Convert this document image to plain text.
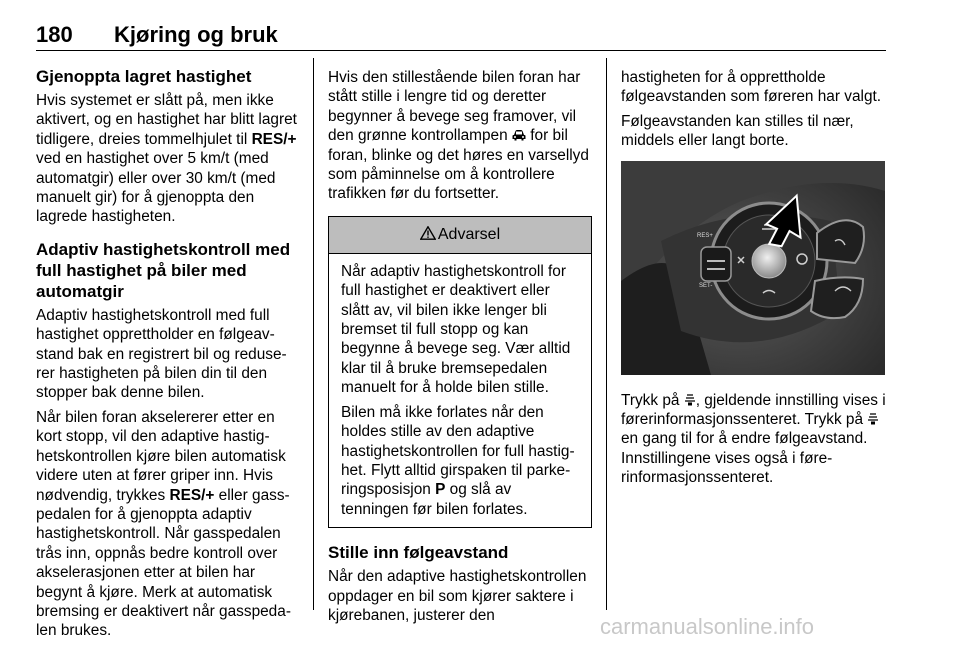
180 Kjøring og bruk
Gjenoppta lagret hastighet

Hvis systemet er slått på, men ikke aktivert, og en hastighet har blitt lagret tidligere, dreies tommelhjulet til RES/+ ved en hastighet over 5 km/t (med automatgir) eller over 30 km/t (med manuelt gir) for å gjenoppta den lagrede hastigheten.

Adaptiv hastighetskontroll med full hastighet på biler med automatgir

Adaptiv hastighetskontroll med full hastighet opprettholder en følgeavstand bak en registrert bil og reduserer hastigheten på bilen din til den stopper bak denne bilen.

Når bilen foran akselererer etter en kort stopp, vil den adaptive hastighetskontrollen kjøre bilen automatisk videre uten at fører griper inn. Hvis nødvendig, trykkes RES/+ eller gasspedalen for å gjenoppta adaptiv hastighetskontroll. Når gasspedalen trås inn, oppnås bedre kontroll over akselerasjonen etter at bilen har begynt å kjøre. Merk at automatisk bremsing er deaktivert når gasspedalen brukes.

Hvis den stillestående bilen foran har stått stille i lengre tid og deretter begynner å bevege seg framover, vil den grønne kontrollampen  for bil foran, blinke og det høres en varsellyd som påminnelse om å kontrollere trafikken før du fortsetter.

Advarsel

Når adaptiv hastighetskontroll for full hastighet er deaktivert eller slått av, vil bilen ikke lenger bli bremset til full stopp og kan begynne å bevege seg. Vær alltid klar til å bruke bremsepedalen manuelt for å holde bilen stille.

Bilen må ikke forlates når den holdes stille av den adaptive hastighetskontrollen for full hastighet. Flytt alltid girspaken til parkeringsposisjon P og slå av tenningen før bilen forlates.

Stille inn følgeavstand

Når den adaptive hastighetskontrollen oppdager en bil som kjører saktere i kjørebanen, justerer den

hastigheten for å opprettholde følgeavstanden som føreren har valgt.

Følgeavstanden kan stilles til nær, middels eller langt borte.

RES+
SET-

Trykk på , gjeldende innstilling vises i førerinformasjonssenteret. Trykk på  en gang til for å endre følgeavstand. Innstillingene vises også i førerinformasjonssenteret.

carmanualsonline.info
